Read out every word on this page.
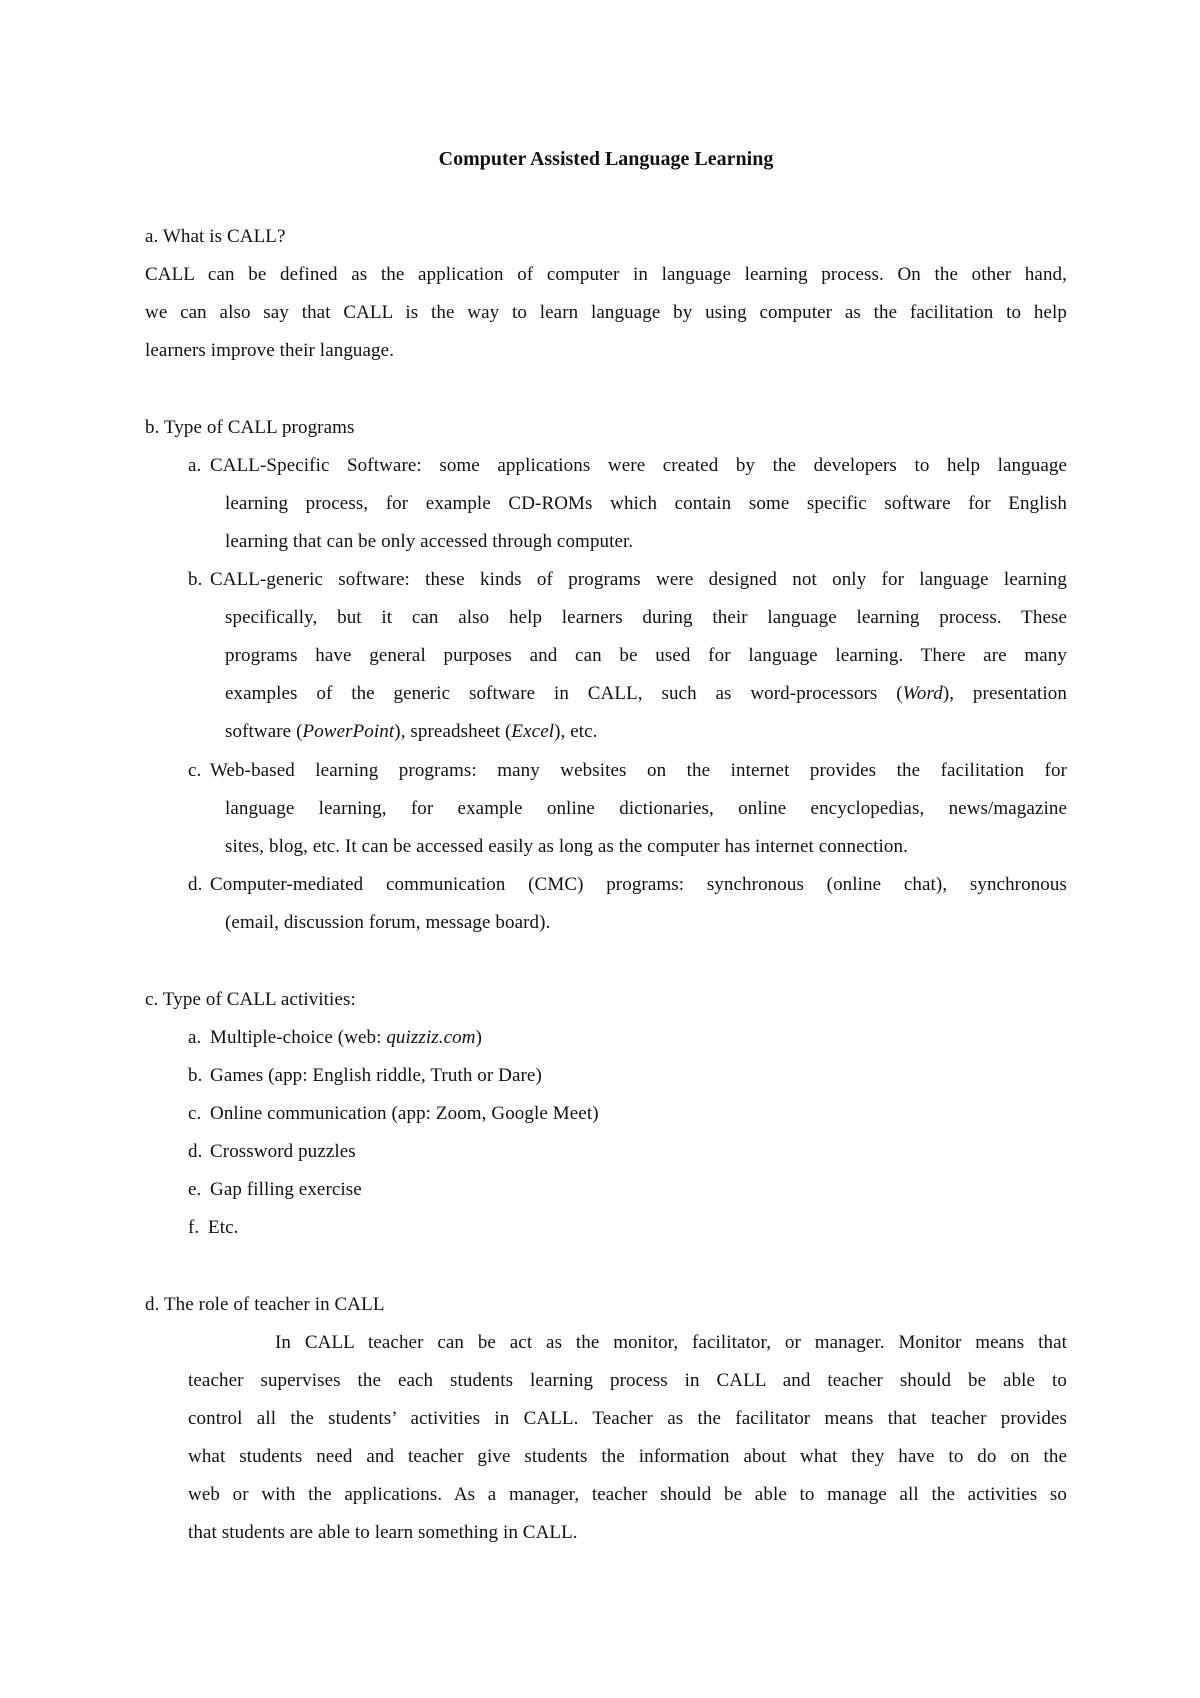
Computer Assisted Language Learning
a. What is CALL?
CALL can be defined as the application of computer in language learning process. On the other hand,
we can also say that CALL is the way to learn language by using computer as the facilitation to help
learners improve their language.
b. Type of CALL programs
a. CALL-Specific Software: some applications were created by the developers to help language
learning process, for example CD-ROMs which contain some specific software for English
learning that can be only accessed through computer.
b. CALL-generic software: these kinds of programs were designed not only for language learning
specifically, but it can also help learners during their language learning process. These
programs have general purposes and can be used for language learning. There are many
examples of the generic software in CALL, such as word-processors (Word), presentation
software (PowerPoint), spreadsheet (Excel), etc.
c. Web-based learning programs: many websites on the internet provides the facilitation for
language learning, for example online dictionaries, online encyclopedias, news/magazine
sites, blog, etc. It can be accessed easily as long as the computer has internet connection.
d. Computer-mediated communication (CMC) programs: synchronous (online chat), synchronous
(email, discussion forum, message board).
c. Type of CALL activities:
a. Multiple-choice (web: quizziz.com)
b. Games (app: English riddle, Truth or Dare)
c. Online communication (app: Zoom, Google Meet)
d. Crossword puzzles
e. Gap filling exercise
f. Etc.
d. The role of teacher in CALL
In CALL teacher can be act as the monitor, facilitator, or manager. Monitor means that
teacher supervises the each students learning process in CALL and teacher should be able to
control all the students’ activities in CALL. Teacher as the facilitator means that teacher provides
what students need and teacher give students the information about what they have to do on the
web or with the applications. As a manager, teacher should be able to manage all the activities so
that students are able to learn something in CALL.
